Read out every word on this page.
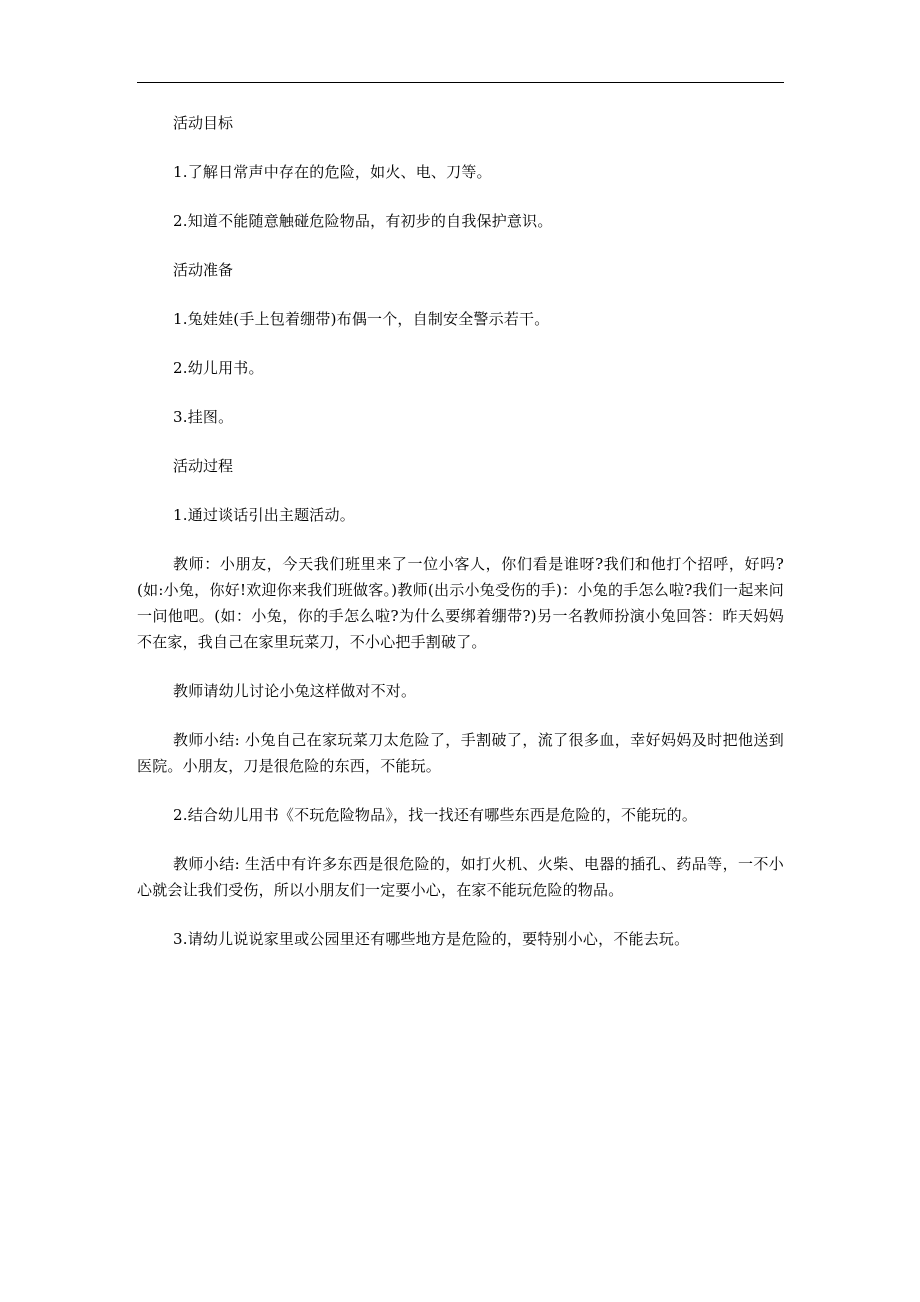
活动目标

1.了解日常声中存在的危险，如火、电、刀等。

2.知道不能随意触碰危险物品，有初步的自我保护意识。

活动准备

1.兔娃娃(手上包着绷带)布偶一个，自制安全警示若干。

2.幼儿用书。

3.挂图。

活动过程

1.通过谈话引出主题活动。

教师：小朋友，今天我们班里来了一位小客人，你们看是谁呀?我们和他打个招呼，好吗?(如:小兔，你好!欢迎你来我们班做客。)教师(出示小兔受伤的手)：小兔的手怎么啦?我们一起来问一问他吧。(如：小兔，你的手怎么啦?为什么要绑着绷带?)另一名教师扮演小兔回答：昨天妈妈不在家，我自己在家里玩菜刀，不小心把手割破了。

教师请幼儿讨论小兔这样做对不对。

教师小结: 小兔自己在家玩菜刀太危险了，手割破了，流了很多血，幸好妈妈及时把他送到医院。小朋友，刀是很危险的东西，不能玩。

2.结合幼儿用书《不玩危险物品》，找一找还有哪些东西是危险的，不能玩的。

教师小结: 生活中有许多东西是很危险的，如打火机、火柴、电器的插孔、药品等，一不小心就会让我们受伤，所以小朋友们一定要小心，在家不能玩危险的物品。

3.请幼儿说说家里或公园里还有哪些地方是危险的，要特别小心，不能去玩。
